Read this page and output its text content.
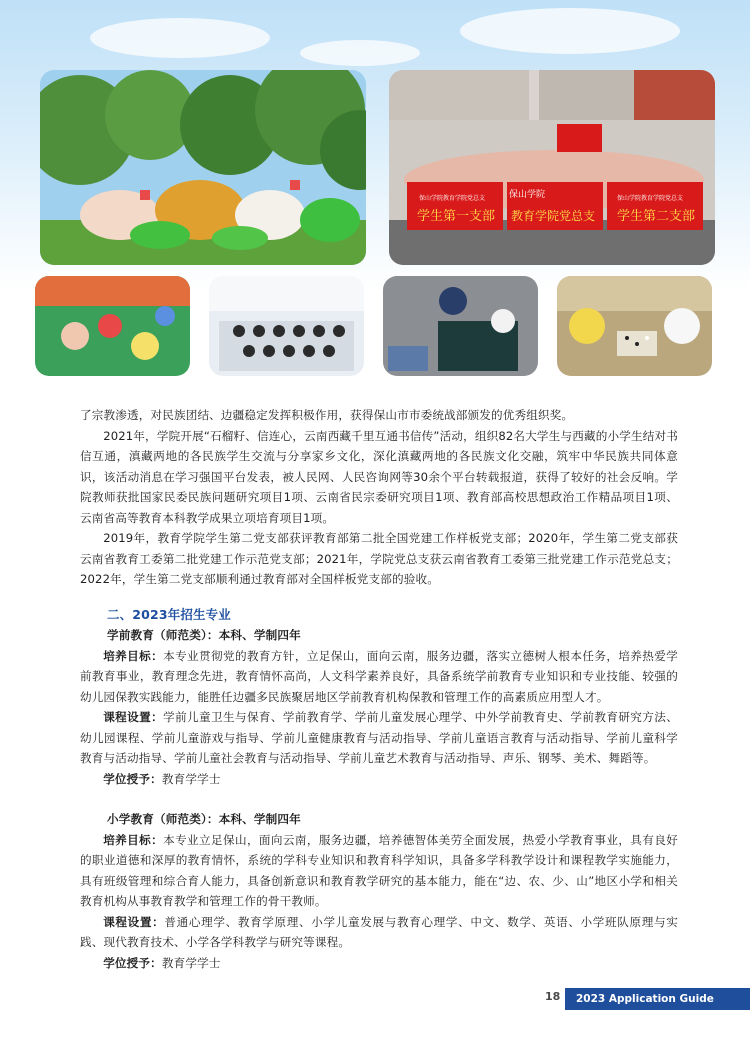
保山学院教育学院党总支	保山学院	保山学院教育学院党总支
学生第一支部 教育学院党总支 学生第二支部

了宗教渗透，对民族团结、边疆稳定发挥积极作用，获得保山市市委统战部颁发的优秀组织奖。

2021年，学院开展“石榴籽、信连心，云南西藏千里互通书信传”活动，组织82名大学生与西藏的小学生结对书信互通，滇藏两地的各民族学生交流与分享家乡文化，深化滇藏两地的各民族文化交融，筑牢中华民族共同体意识，该活动消息在学习强国平台发表，被人民网、人民咨询网等30余个平台转载报道，获得了较好的社会反响。学院教师获批国家民委民族问题研究项目1项、云南省民宗委研究项目1项、教育部高校思想政治工作精品项目1项、云南省高等教育本科教学成果立项培育项目1项。

2019年，教育学院学生第二党支部获评教育部第二批全国党建工作样板党支部；2020年，学生第二党支部获云南省教育工委第二批党建工作示范党支部；2021年，学院党总支获云南省教育工委第三批党建工作示范党总支；2022年，学生第二党支部顺利通过教育部对全国样板党支部的验收。

二、2023年招生专业

学前教育（师范类）：本科、学制四年

培养目标：本专业贯彻党的教育方针，立足保山，面向云南，服务边疆，落实立德树人根本任务，培养热爱学前教育事业，教育理念先进，教育情怀高尚，人文科学素养良好，具备系统学前教育专业知识和专业技能、较强的幼儿园保教实践能力，能胜任边疆多民族聚居地区学前教育机构保教和管理工作的高素质应用型人才。

课程设置：学前儿童卫生与保育、学前教育学、学前儿童发展心理学、中外学前教育史、学前教育研究方法、幼儿园课程、学前儿童游戏与指导、学前儿童健康教育与活动指导、学前儿童语言教育与活动指导、学前儿童科学教育与活动指导、学前儿童社会教育与活动指导、学前儿童艺术教育与活动指导、声乐、钢琴、美术、舞蹈等。

学位授予：教育学学士

小学教育（师范类）：本科、学制四年

培养目标：本专业立足保山，面向云南，服务边疆，培养德智体美劳全面发展，热爱小学教育事业，具有良好的职业道德和深厚的教育情怀，系统的学科专业知识和教育科学知识，具备多学科教学设计和课程教学实施能力，具有班级管理和综合育人能力，具备创新意识和教育教学研究的基本能力，能在“边、农、少、山”地区小学和相关教育机构从事教育教学和管理工作的骨干教师。

课程设置：普通心理学、教育学原理、小学儿童发展与教育心理学、中文、数学、英语、小学班队原理与实践、现代教育技术、小学各学科教学与研究等课程。

学位授予：教育学学士

18	2023 Application Guide
